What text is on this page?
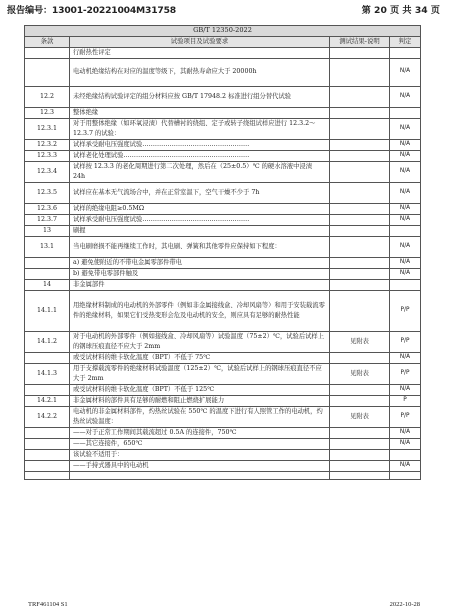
报告编号：13001-20221004M31758	第 20 页 共 34 页
GB/T 12350-2022			
条款	试验项目及试验要求	测试结果-说明	判定
	行耐热性评定		
	电动机绝缘结构在对应的温度等级下，其耐热寿命应大于 20000h		N/A
12.2	未经绝缘结构试验评定的组分材料应按 GB/T 17948.2 标准进行组分替代试验		N/A
12.3	整体绝缘		
12.3.1	对于用整体绝缘（如环氧浸渍）代替槽衬的绕组、定子或转子绕组试样应进行 12.3.2～12.3.7 的试验：		N/A
12.3.2	试样承受耐电压强度试验……………………………………………		N/A
12.3.3	试样老化处理试验……………………………………………………		N/A
12.3.4	试样按 12.3.3 的老化周期进行第二次处理，然后在（25±0.5）℃ 的硬水溶液中浸渍 24h		N/A
12.3.5	试样应在基本无气流场合中，并在正常室温下，空气干燥不少于 7h		N/A
12.3.6	试样的绝缘电阻≥0.5MΩ		N/A
12.3.7	试样承受耐电压强度试验……………………………………………		N/A
13	刷握		
13.1	当电刷磨损不能再继续工作时，其电刷、弹簧和其他零件应保持如下程度：		N/A
	a) 避免使附近的不带电金属零部件带电		N/A
	b) 避免带电零部件触及		N/A
14	非金属部件		
14.1.1	用绝缘材料制成的电动机的外部零件（例如非金属接线盒、冷却风扇等）和用于安装载流零件的绝缘材料，如果它们受热变形会危及电动机的安全，则应具有足够的耐热性能		P/P
14.1.2	对于电动机的外部零件（例如接线盒、冷却风扇等）试验温度（75±2）℃，试验后试样上的钢球压痕直径不应大于 2mm	见附表	P/P
	或受试材料的维卡软化温度（BPT）不低于 75℃		N/A
14.1.3	用于支撑载流零件的绝缘材料试验温度（125±2）℃，试验后试样上的钢球压痕直径不应大于 2mm	见附表	P/P
	或受试材料的维卡软化温度（BPT）不低于 125℃		N/A
14.2.1	非金属材料的部件具有足够的耐燃和阻止燃烧扩展能力		P
14.2.2	电动机的非金属材料部件，灼热丝试验在 550℃ 的温度下进行有人照管工作的电动机，灼热丝试验温度：	见附表	P/P
	——对于正常工作期间其载流超过 0.5A 的连接件，750℃		N/A
	——其它连接件，650℃		N/A
	该试验不适用于：		
	——手持式器具中的电动机		N/A

TRF461104 S1	2022-10-28
